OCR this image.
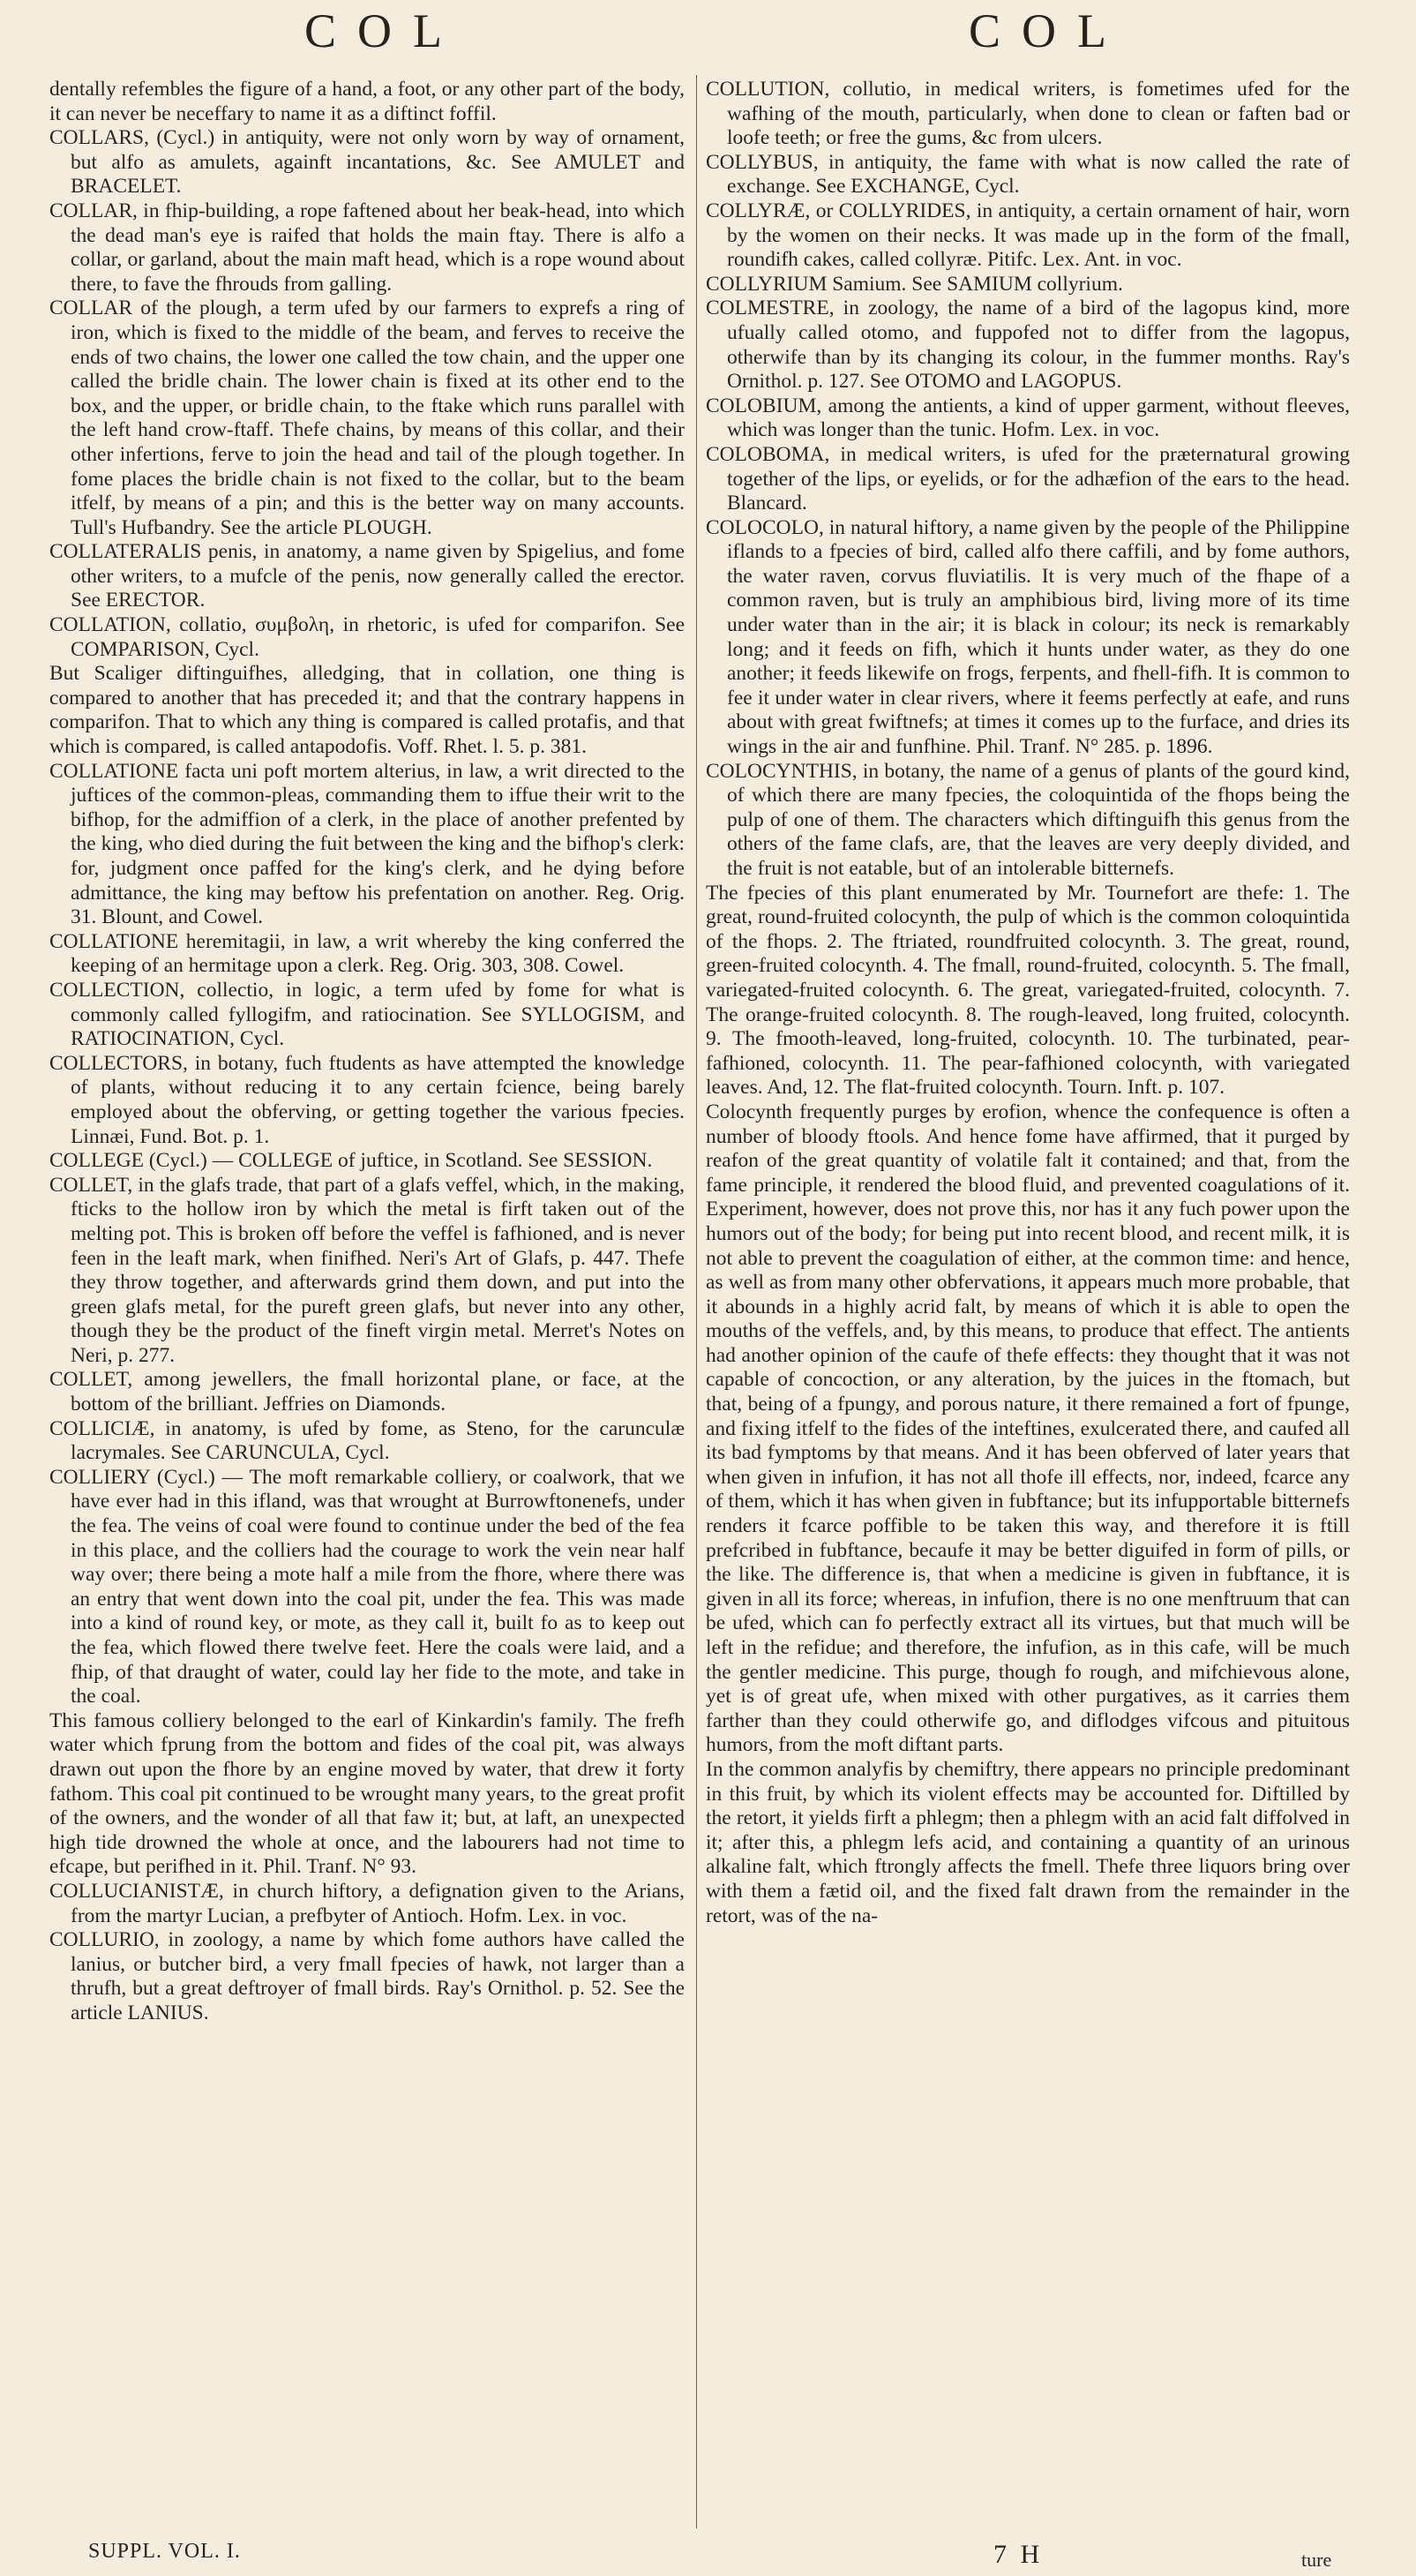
COL	COL

dentally refembles the figure of a hand, a foot, or any other part of the body, it can never be neceffary to name it as a diftinct foffil.

COLLARS, (Cycl.) in antiquity, were not only worn by way of ornament, but alfo as amulets, againft incantations, &c. See AMULET and BRACELET.

COLLAR, in fhip-building, a rope faftened about her beak-head, into which the dead man's eye is raifed that holds the main ftay. There is alfo a collar, or garland, about the main maft head, which is a rope wound about there, to fave the fhrouds from galling.

COLLAR of the plough, a term ufed by our farmers to exprefs a ring of iron, which is fixed to the middle of the beam, and ferves to receive the ends of two chains, the lower one called the tow chain, and the upper one called the bridle chain. The lower chain is fixed at its other end to the box, and the upper, or bridle chain, to the ftake which runs parallel with the left hand crow-ftaff. Thefe chains, by means of this collar, and their other infertions, ferve to join the head and tail of the plough together. In fome places the bridle chain is not fixed to the collar, but to the beam itfelf, by means of a pin; and this is the better way on many accounts. Tull's Hufbandry. See the article PLOUGH.

COLLATERALIS penis, in anatomy, a name given by Spigelius, and fome other writers, to a mufcle of the penis, now generally called the erector. See ERECTOR.

COLLATION, collatio, συμβολη, in rhetoric, is ufed for comparifon. See COMPARISON, Cycl.

But Scaliger diftinguifhes, alledging, that in collation, one thing is compared to another that has preceded it; and that the contrary happens in comparifon. That to which any thing is compared is called protafis, and that which is compared, is called antapodofis. Voff. Rhet. l. 5. p. 381.

COLLATIONE facta uni poft mortem alterius, in law, a writ directed to the juftices of the common-pleas, commanding them to iffue their writ to the bifhop, for the admiffion of a clerk, in the place of another prefented by the king, who died during the fuit between the king and the bifhop's clerk: for, judgment once paffed for the king's clerk, and he dying before admittance, the king may beftow his prefentation on another. Reg. Orig. 31. Blount, and Cowel.

COLLATIONE heremitagii, in law, a writ whereby the king conferred the keeping of an hermitage upon a clerk. Reg. Orig. 303, 308. Cowel.

COLLECTION, collectio, in logic, a term ufed by fome for what is commonly called fyllogifm, and ratiocination. See SYLLOGISM, and RATIOCINATION, Cycl.

COLLECTORS, in botany, fuch ftudents as have attempted the knowledge of plants, without reducing it to any certain fcience, being barely employed about the obferving, or getting together the various fpecies. Linnæi, Fund. Bot. p. 1.

COLLEGE (Cycl.) — COLLEGE of juftice, in Scotland. See SESSION.

COLLET, in the glafs trade, that part of a glafs veffel, which, in the making, fticks to the hollow iron by which the metal is firft taken out of the melting pot. This is broken off before the veffel is fafhioned, and is never feen in the leaft mark, when finifhed. Neri's Art of Glafs, p. 447. Thefe they throw together, and afterwards grind them down, and put into the green glafs metal, for the pureft green glafs, but never into any other, though they be the product of the fineft virgin metal. Merret's Notes on Neri, p. 277.

COLLET, among jewellers, the fmall horizontal plane, or face, at the bottom of the brilliant. Jeffries on Diamonds.

COLLICIÆ, in anatomy, is ufed by fome, as Steno, for the carunculæ lacrymales. See CARUNCULA, Cycl.

COLLIERY (Cycl.) — The moft remarkable colliery, or coalwork, that we have ever had in this ifland, was that wrought at Burrowftonenefs, under the fea. The veins of coal were found to continue under the bed of the fea in this place, and the colliers had the courage to work the vein near half way over; there being a mote half a mile from the fhore, where there was an entry that went down into the coal pit, under the fea. This was made into a kind of round key, or mote, as they call it, built fo as to keep out the fea, which flowed there twelve feet. Here the coals were laid, and a fhip, of that draught of water, could lay her fide to the mote, and take in the coal.

This famous colliery belonged to the earl of Kinkardin's family. The frefh water which fprung from the bottom and fides of the coal pit, was always drawn out upon the fhore by an engine moved by water, that drew it forty fathom. This coal pit continued to be wrought many years, to the great profit of the owners, and the wonder of all that faw it; but, at laft, an unexpected high tide drowned the whole at once, and the labourers had not time to efcape, but perifhed in it. Phil. Tranf. N° 93.

COLLUCIANISTÆ, in church hiftory, a defignation given to the Arians, from the martyr Lucian, a prefbyter of Antioch. Hofm. Lex. in voc.

COLLURIO, in zoology, a name by which fome authors have called the lanius, or butcher bird, a very fmall fpecies of hawk, not larger than a thrufh, but a great deftroyer of fmall birds. Ray's Ornithol. p. 52. See the article LANIUS.

COLLUTION, collutio, in medical writers, is fometimes ufed for the wafhing of the mouth, particularly, when done to clean or faften bad or loofe teeth; or free the gums, &c from ulcers.

COLLYBUS, in antiquity, the fame with what is now called the rate of exchange. See EXCHANGE, Cycl.

COLLYRÆ, or COLLYRIDES, in antiquity, a certain ornament of hair, worn by the women on their necks. It was made up in the form of the fmall, roundifh cakes, called collyræ. Pitifc. Lex. Ant. in voc.

COLLYRIUM Samium. See SAMIUM collyrium.

COLMESTRE, in zoology, the name of a bird of the lagopus kind, more ufually called otomo, and fuppofed not to differ from the lagopus, otherwife than by its changing its colour, in the fummer months. Ray's Ornithol. p. 127. See OTOMO and LAGOPUS.

COLOBIUM, among the antients, a kind of upper garment, without fleeves, which was longer than the tunic. Hofm. Lex. in voc.

COLOBOMA, in medical writers, is ufed for the præternatural growing together of the lips, or eyelids, or for the adhæfion of the ears to the head. Blancard.

COLOCOLO, in natural hiftory, a name given by the people of the Philippine iflands to a fpecies of bird, called alfo there caffili, and by fome authors, the water raven, corvus fluviatilis. It is very much of the fhape of a common raven, but is truly an amphibious bird, living more of its time under water than in the air; it is black in colour; its neck is remarkably long; and it feeds on fifh, which it hunts under water, as they do one another; it feeds likewife on frogs, ferpents, and fhell-fifh. It is common to fee it under water in clear rivers, where it feems perfectly at eafe, and runs about with great fwiftnefs; at times it comes up to the furface, and dries its wings in the air and funfhine. Phil. Tranf. N° 285. p. 1896.

COLOCYNTHIS, in botany, the name of a genus of plants of the gourd kind, of which there are many fpecies, the coloquintida of the fhops being the pulp of one of them. The characters which diftinguifh this genus from the others of the fame clafs, are, that the leaves are very deeply divided, and the fruit is not eatable, but of an intolerable bitternefs.

The fpecies of this plant enumerated by Mr. Tournefort are thefe: 1. The great, round-fruited colocynth, the pulp of which is the common coloquintida of the fhops. 2. The ftriated, roundfruited colocynth. 3. The great, round, green-fruited colocynth. 4. The fmall, round-fruited, colocynth. 5. The fmall, variegated-fruited colocynth. 6. The great, variegated-fruited, colocynth. 7. The orange-fruited colocynth. 8. The rough-leaved, long fruited, colocynth. 9. The fmooth-leaved, long-fruited, colocynth. 10. The turbinated, pear-fafhioned, colocynth. 11. The pear-fafhioned colocynth, with variegated leaves. And, 12. The flat-fruited colocynth. Tourn. Inft. p. 107.

Colocynth frequently purges by erofion, whence the confequence is often a number of bloody ftools. And hence fome have affirmed, that it purged by reafon of the great quantity of volatile falt it contained; and that, from the fame principle, it rendered the blood fluid, and prevented coagulations of it. Experiment, however, does not prove this, nor has it any fuch power upon the humors out of the body; for being put into recent blood, and recent milk, it is not able to prevent the coagulation of either, at the common time: and hence, as well as from many other obfervations, it appears much more probable, that it abounds in a highly acrid falt, by means of which it is able to open the mouths of the veffels, and, by this means, to produce that effect. The antients had another opinion of the caufe of thefe effects: they thought that it was not capable of concoction, or any alteration, by the juices in the ftomach, but that, being of a fpungy, and porous nature, it there remained a fort of fpunge, and fixing itfelf to the fides of the inteftines, exulcerated there, and caufed all its bad fymptoms by that means. And it has been obferved of later years that when given in infufion, it has not all thofe ill effects, nor, indeed, fcarce any of them, which it has when given in fubftance; but its infupportable bitternefs renders it fcarce poffible to be taken this way, and therefore it is ftill prefcribed in fubftance, becaufe it may be better diguifed in form of pills, or the like. The difference is, that when a medicine is given in fubftance, it is given in all its force; whereas, in infufion, there is no one menftruum that can be ufed, which can fo perfectly extract all its virtues, but that much will be left in the refidue; and therefore, the infufion, as in this cafe, will be much the gentler medicine. This purge, though fo rough, and mifchievous alone, yet is of great ufe, when mixed with other purgatives, as it carries them farther than they could otherwife go, and diflodges vifcous and pituitous humors, from the moft diftant parts.

In the common analyfis by chemiftry, there appears no principle predominant in this fruit, by which its violent effects may be accounted for. Diftilled by the retort, it yields firft a phlegm; then a phlegm with an acid falt diffolved in it; after this, a phlegm lefs acid, and containing a quantity of an urinous alkaline falt, which ftrongly affects the fmell. Thefe three liquors bring over with them a fætid oil, and the fixed falt drawn from the remainder in the retort, was of the na-

SUPPL. VOL. I.	7 H	ture
